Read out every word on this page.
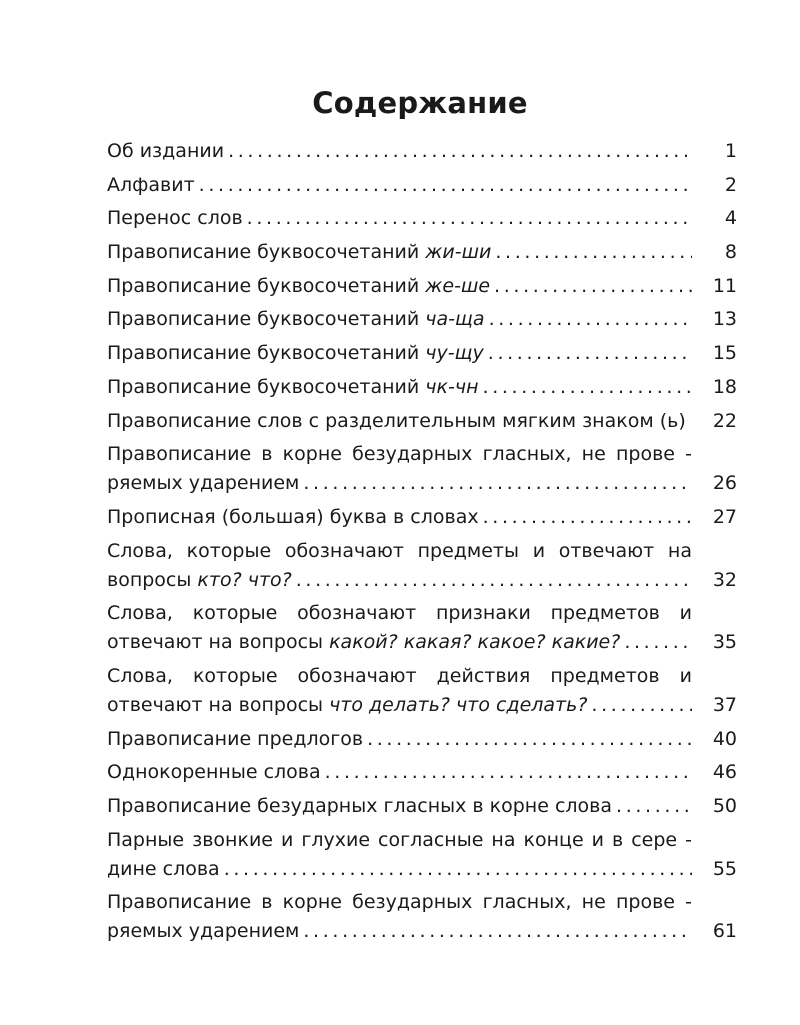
Содержание
Об издании . . .	1
Алфавит . . .	2
Перенос слов . . .	4
Правописание буквосочетаний жи-ши . . .	8
Правописание буквосочетаний же-ше . . .	11
Правописание буквосочетаний ча-ща . . .	13
Правописание буквосочетаний чу-щу . . .	15
Правописание буквосочетаний чк-чн . . .	18
Правописание слов с разделительным мягким знаком (ь)	22
Правописание в корне безударных гласных, не прове -
ряемых ударением . . .	26
Прописная (большая) буква в словах . . .	27
Слова, которые обозначают предметы и отвечают на
вопросы кто? что? . . .	32
Слова, которые обозначают признаки предметов и
отвечают на вопросы какой? какая? какое? какие? . . .	35
Слова, которые обозначают действия предметов и
отвечают на вопросы что делать? что сделать? . . .	37
Правописание предлогов . . .	40
Однокоренные слова . . .	46
Правописание безударных гласных в корне слова . . .	50
Парные звонкие и глухие согласные на конце и в сере -
дине слова . . .	55
Правописание в корне безударных гласных, не прове -
ряемых ударением . . .	61
